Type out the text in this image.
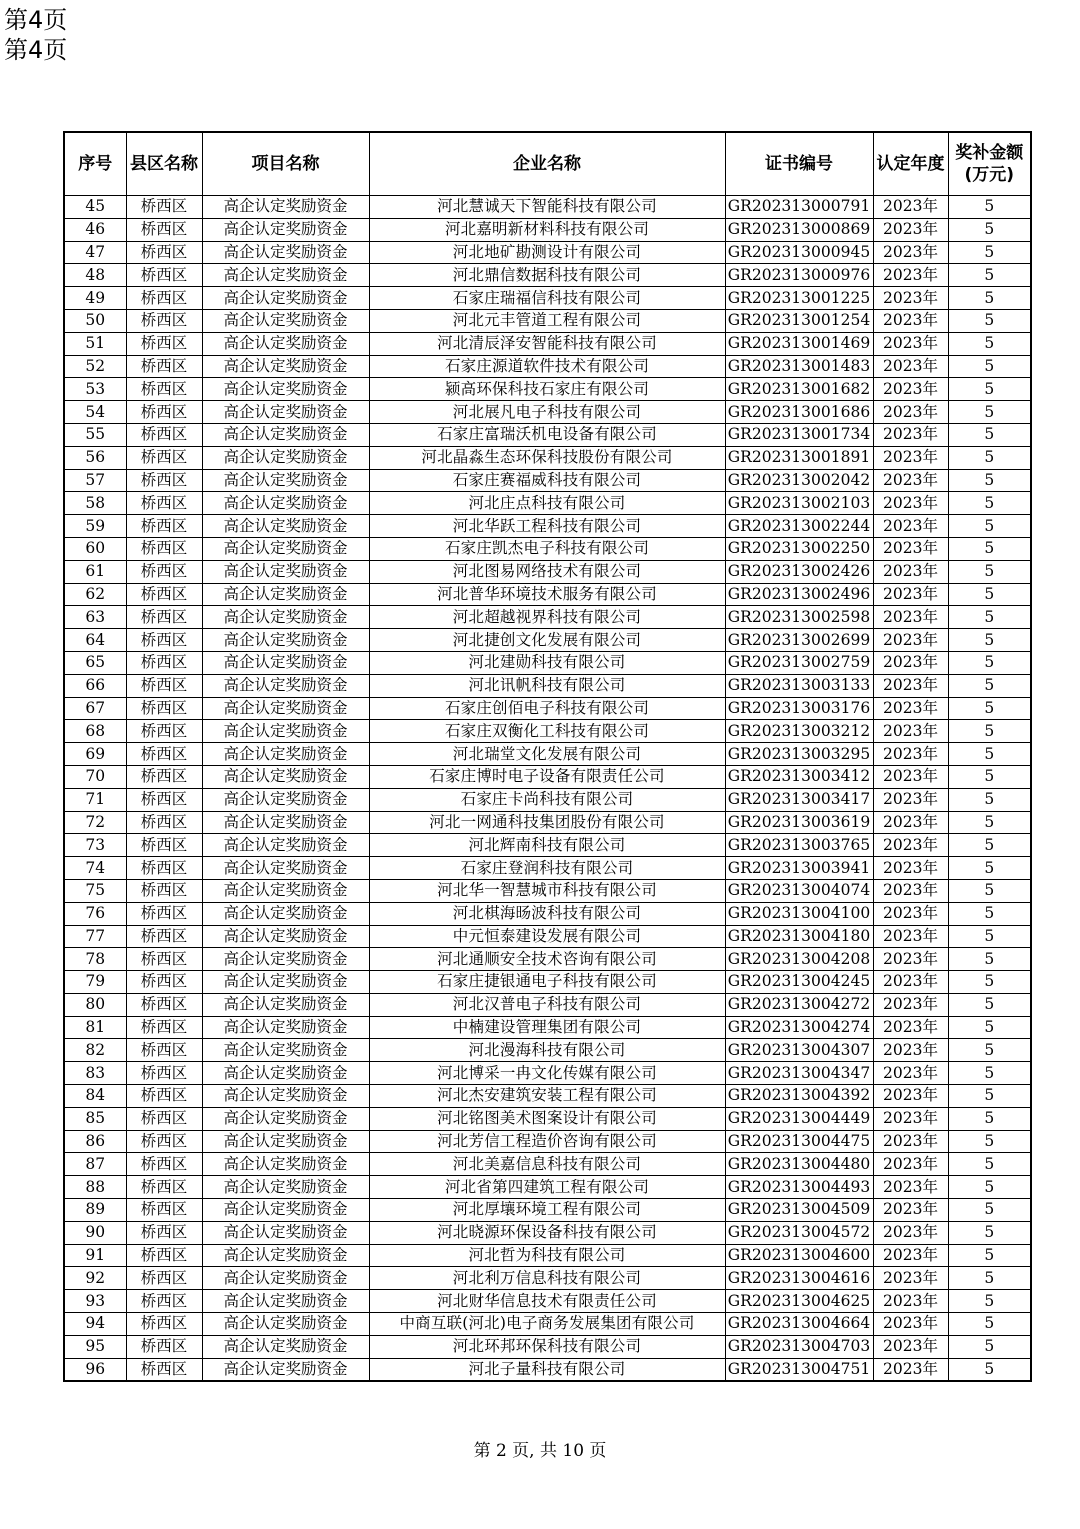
第4页
第4页
序号	县区名称	项目名称	企业名称	证书编号	认定年度	奖补金额
(万元)

45	桥西区	高企认定奖励资金	河北慧诚天下智能科技有限公司	GR202313000791	2023年	5
46	桥西区	高企认定奖励资金	河北嘉明新材料科技有限公司	GR202313000869	2023年	5
47	桥西区	高企认定奖励资金	河北地矿勘测设计有限公司	GR202313000945	2023年	5
48	桥西区	高企认定奖励资金	河北鼎信数据科技有限公司	GR202313000976	2023年	5
49	桥西区	高企认定奖励资金	石家庄瑞福信科技有限公司	GR202313001225	2023年	5
50	桥西区	高企认定奖励资金	河北元丰管道工程有限公司	GR202313001254	2023年	5
51	桥西区	高企认定奖励资金	河北清辰泽安智能科技有限公司	GR202313001469	2023年	5
52	桥西区	高企认定奖励资金	石家庄源道软件技术有限公司	GR202313001483	2023年	5
53	桥西区	高企认定奖励资金	颍高环保科技石家庄有限公司	GR202313001682	2023年	5
54	桥西区	高企认定奖励资金	河北展凡电子科技有限公司	GR202313001686	2023年	5
55	桥西区	高企认定奖励资金	石家庄富瑞沃机电设备有限公司	GR202313001734	2023年	5
56	桥西区	高企认定奖励资金	河北晶淼生态环保科技股份有限公司	GR202313001891	2023年	5
57	桥西区	高企认定奖励资金	石家庄赛福威科技有限公司	GR202313002042	2023年	5
58	桥西区	高企认定奖励资金	河北庄点科技有限公司	GR202313002103	2023年	5
59	桥西区	高企认定奖励资金	河北华跃工程科技有限公司	GR202313002244	2023年	5
60	桥西区	高企认定奖励资金	石家庄凯杰电子科技有限公司	GR202313002250	2023年	5
61	桥西区	高企认定奖励资金	河北图易网络技术有限公司	GR202313002426	2023年	5
62	桥西区	高企认定奖励资金	河北普华环境技术服务有限公司	GR202313002496	2023年	5
63	桥西区	高企认定奖励资金	河北超越视界科技有限公司	GR202313002598	2023年	5
64	桥西区	高企认定奖励资金	河北捷创文化发展有限公司	GR202313002699	2023年	5
65	桥西区	高企认定奖励资金	河北建勋科技有限公司	GR202313002759	2023年	5
66	桥西区	高企认定奖励资金	河北讯帆科技有限公司	GR202313003133	2023年	5
67	桥西区	高企认定奖励资金	石家庄创佰电子科技有限公司	GR202313003176	2023年	5
68	桥西区	高企认定奖励资金	石家庄双衡化工科技有限公司	GR202313003212	2023年	5
69	桥西区	高企认定奖励资金	河北瑞堂文化发展有限公司	GR202313003295	2023年	5
70	桥西区	高企认定奖励资金	石家庄博时电子设备有限责任公司	GR202313003412	2023年	5
71	桥西区	高企认定奖励资金	石家庄卡尚科技有限公司	GR202313003417	2023年	5
72	桥西区	高企认定奖励资金	河北一网通科技集团股份有限公司	GR202313003619	2023年	5
73	桥西区	高企认定奖励资金	河北辉南科技有限公司	GR202313003765	2023年	5
74	桥西区	高企认定奖励资金	石家庄登润科技有限公司	GR202313003941	2023年	5
75	桥西区	高企认定奖励资金	河北华一智慧城市科技有限公司	GR202313004074	2023年	5
76	桥西区	高企认定奖励资金	河北棋海旸波科技有限公司	GR202313004100	2023年	5
77	桥西区	高企认定奖励资金	中元恒泰建设发展有限公司	GR202313004180	2023年	5
78	桥西区	高企认定奖励资金	河北通顺安全技术咨询有限公司	GR202313004208	2023年	5
79	桥西区	高企认定奖励资金	石家庄捷银通电子科技有限公司	GR202313004245	2023年	5
80	桥西区	高企认定奖励资金	河北汉普电子科技有限公司	GR202313004272	2023年	5
81	桥西区	高企认定奖励资金	中楠建设管理集团有限公司	GR202313004274	2023年	5
82	桥西区	高企认定奖励资金	河北漫海科技有限公司	GR202313004307	2023年	5
83	桥西区	高企认定奖励资金	河北博采一冉文化传媒有限公司	GR202313004347	2023年	5
84	桥西区	高企认定奖励资金	河北杰安建筑安装工程有限公司	GR202313004392	2023年	5
85	桥西区	高企认定奖励资金	河北铭图美术图案设计有限公司	GR202313004449	2023年	5
86	桥西区	高企认定奖励资金	河北芳信工程造价咨询有限公司	GR202313004475	2023年	5
87	桥西区	高企认定奖励资金	河北美嘉信息科技有限公司	GR202313004480	2023年	5
88	桥西区	高企认定奖励资金	河北省第四建筑工程有限公司	GR202313004493	2023年	5
89	桥西区	高企认定奖励资金	河北厚壤环境工程有限公司	GR202313004509	2023年	5
90	桥西区	高企认定奖励资金	河北晓源环保设备科技有限公司	GR202313004572	2023年	5
91	桥西区	高企认定奖励资金	河北哲为科技有限公司	GR202313004600	2023年	5
92	桥西区	高企认定奖励资金	河北利万信息科技有限公司	GR202313004616	2023年	5
93	桥西区	高企认定奖励资金	河北财华信息技术有限责任公司	GR202313004625	2023年	5
94	桥西区	高企认定奖励资金	中商互联(河北)电子商务发展集团有限公司	GR202313004664	2023年	5
95	桥西区	高企认定奖励资金	河北环邦环保科技有限公司	GR202313004703	2023年	5
96	桥西区	高企认定奖励资金	河北子量科技有限公司	GR202313004751	2023年	5
第 2 页, 共 10 页
